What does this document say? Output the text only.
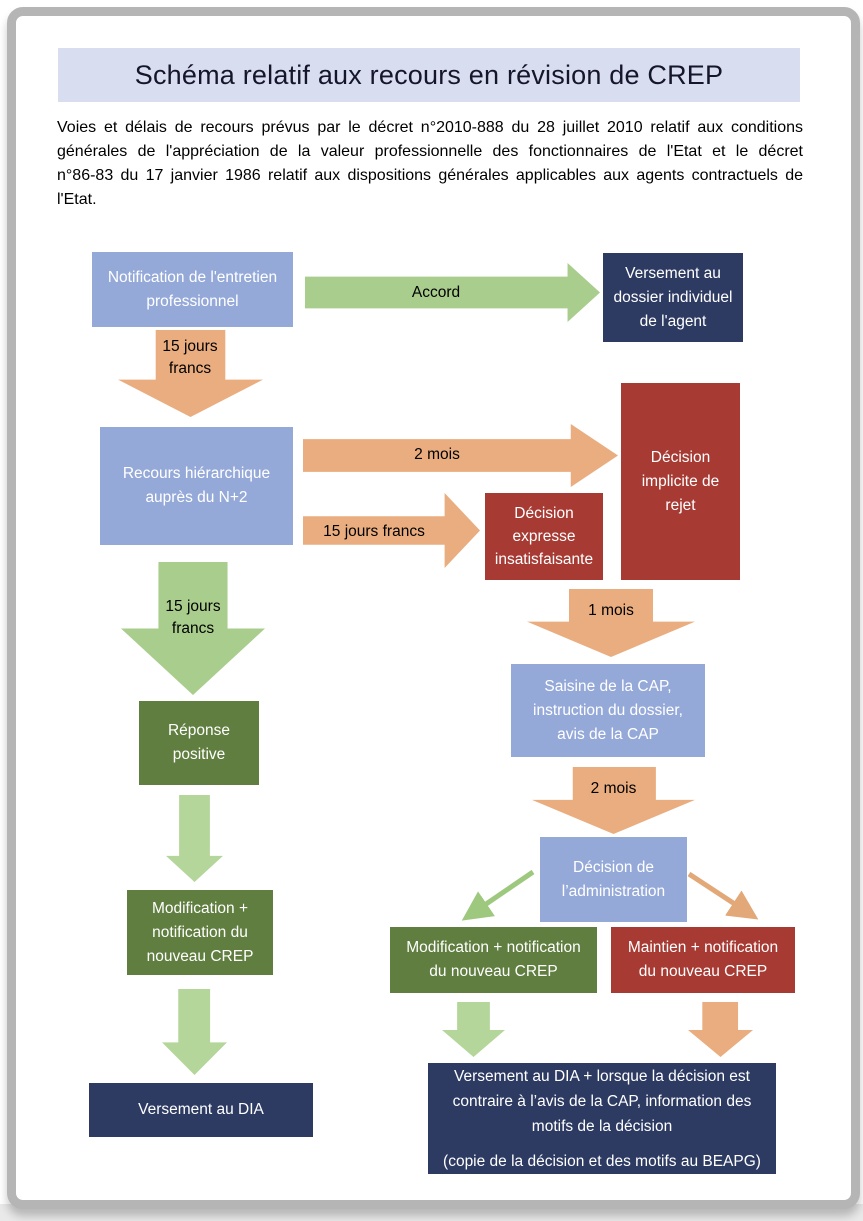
Schéma relatif aux recours en révision de CREP
Voies et délais de recours prévus par le décret n°2010-888 du 28 juillet 2010 relatif aux conditions
générales de l'appréciation de la valeur professionnelle des fonctionnaires de l'Etat et le décret
n°86-83 du 17 janvier 1986 relatif aux dispositions générales applicables aux agents contractuels de
l'Etat.
Notification de l'entretien
professionnel	Accord
Versement au
dossier individuel
de l'agent
15 jours francs
Recours hiérarchique
auprès du N+2
2 mois	Décision
implicite de
rejet
15 jours francs
Décision
expresse
insatisfaisante
15 jours francs
Réponse
positive
Modification +
notification du
nouveau CREP
Versement au DIA
1 mois
Saisine de la CAP,
instruction du dossier,
avis de la CAP
2 mois
Décision de
l’administration
Modification + notification
du nouveau CREP
Maintien + notification
du nouveau CREP
Versement au DIA + lorsque la décision est
contraire à l’avis de la CAP, information des
motifs de la décision
(copie de la décision et des motifs au BEAPG)
